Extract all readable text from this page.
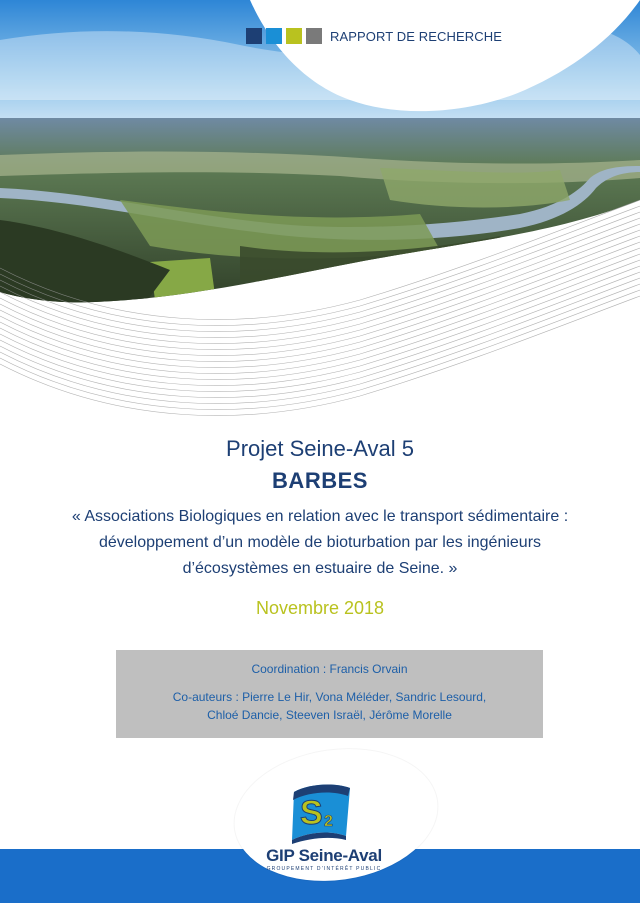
RAPPORT DE RECHERCHE
Projet Seine-Aval 5
BARBES
« Associations Biologiques en relation avec le transport sédimentaire : développement d’un modèle de bioturbation par les ingénieurs d’écosystèmes en estuaire de Seine. »
Novembre 2018
Coordination : Francis Orvain
Co-auteurs : Pierre Le Hir, Vona Méléder, Sandric Lesourd, Chloé Dancie, Steeven Israël, Jérôme Morelle
S 2
GIP Seine-Aval
GROUPEMENT D'INTÉRÊT PUBLIC
